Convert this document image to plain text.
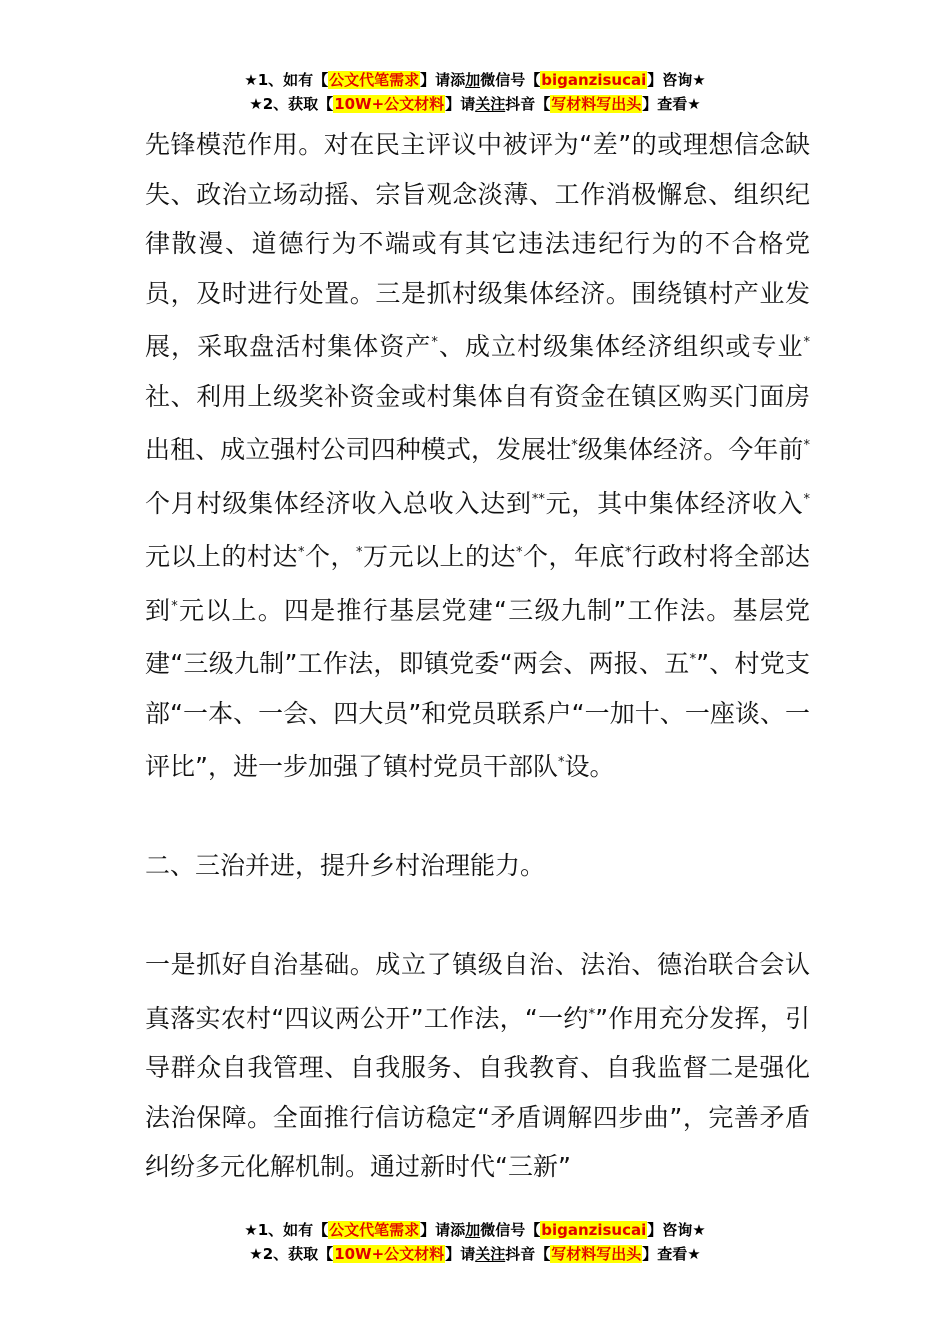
★1、如有【公文代笔需求】请添加微信号【biganzisucai】咨询★
★2、获取【10W+公文材料】请关注抖音【写材料写出头】查看★

先锋模范作用。对在民主评议中被评为“差”的或理想信念缺失、政治立场动摇、宗旨观念淡薄、工作消极懈怠、组织纪律散漫、道德行为不端或有其它违法违纪行为的不合格党员，及时进行处置。三是抓村级集体经济。围绕镇村产业发展，采取盘活村集体资产*、成立村级集体经济组织或专业*社、利用上级奖补资金或村集体自有资金在镇区购买门面房出租、成立强村公司四种模式，发展壮*级集体经济。今年前*个月村级集体经济收入总收入达到**元，其中集体经济收入*元以上的村达*个，*万元以上的达*个，年底*行政村将全部达到*元以上。四是推行基层党建“三级九制”工作法。基层党建“三级九制”工作法，即镇党委“两会、两报、五*”、村党支部“一本、一会、四大员”和党员联系户“一加十、一座谈、一评比”，进一步加强了镇村党员干部队*设。

二、三治并进，提升乡村治理能力。

一是抓好自治基础。成立了镇级自治、法治、德治联合会认真落实农村“四议两公开”工作法，“一约*”作用充分发挥，引导群众自我管理、自我服务、自我教育、自我监督二是强化法治保障。全面推行信访稳定“矛盾调解四步曲”，完善矛盾纠纷多元化解机制。通过新时代“三新”

★1、如有【公文代笔需求】请添加微信号【biganzisucai】咨询★
★2、获取【10W+公文材料】请关注抖音【写材料写出头】查看★
